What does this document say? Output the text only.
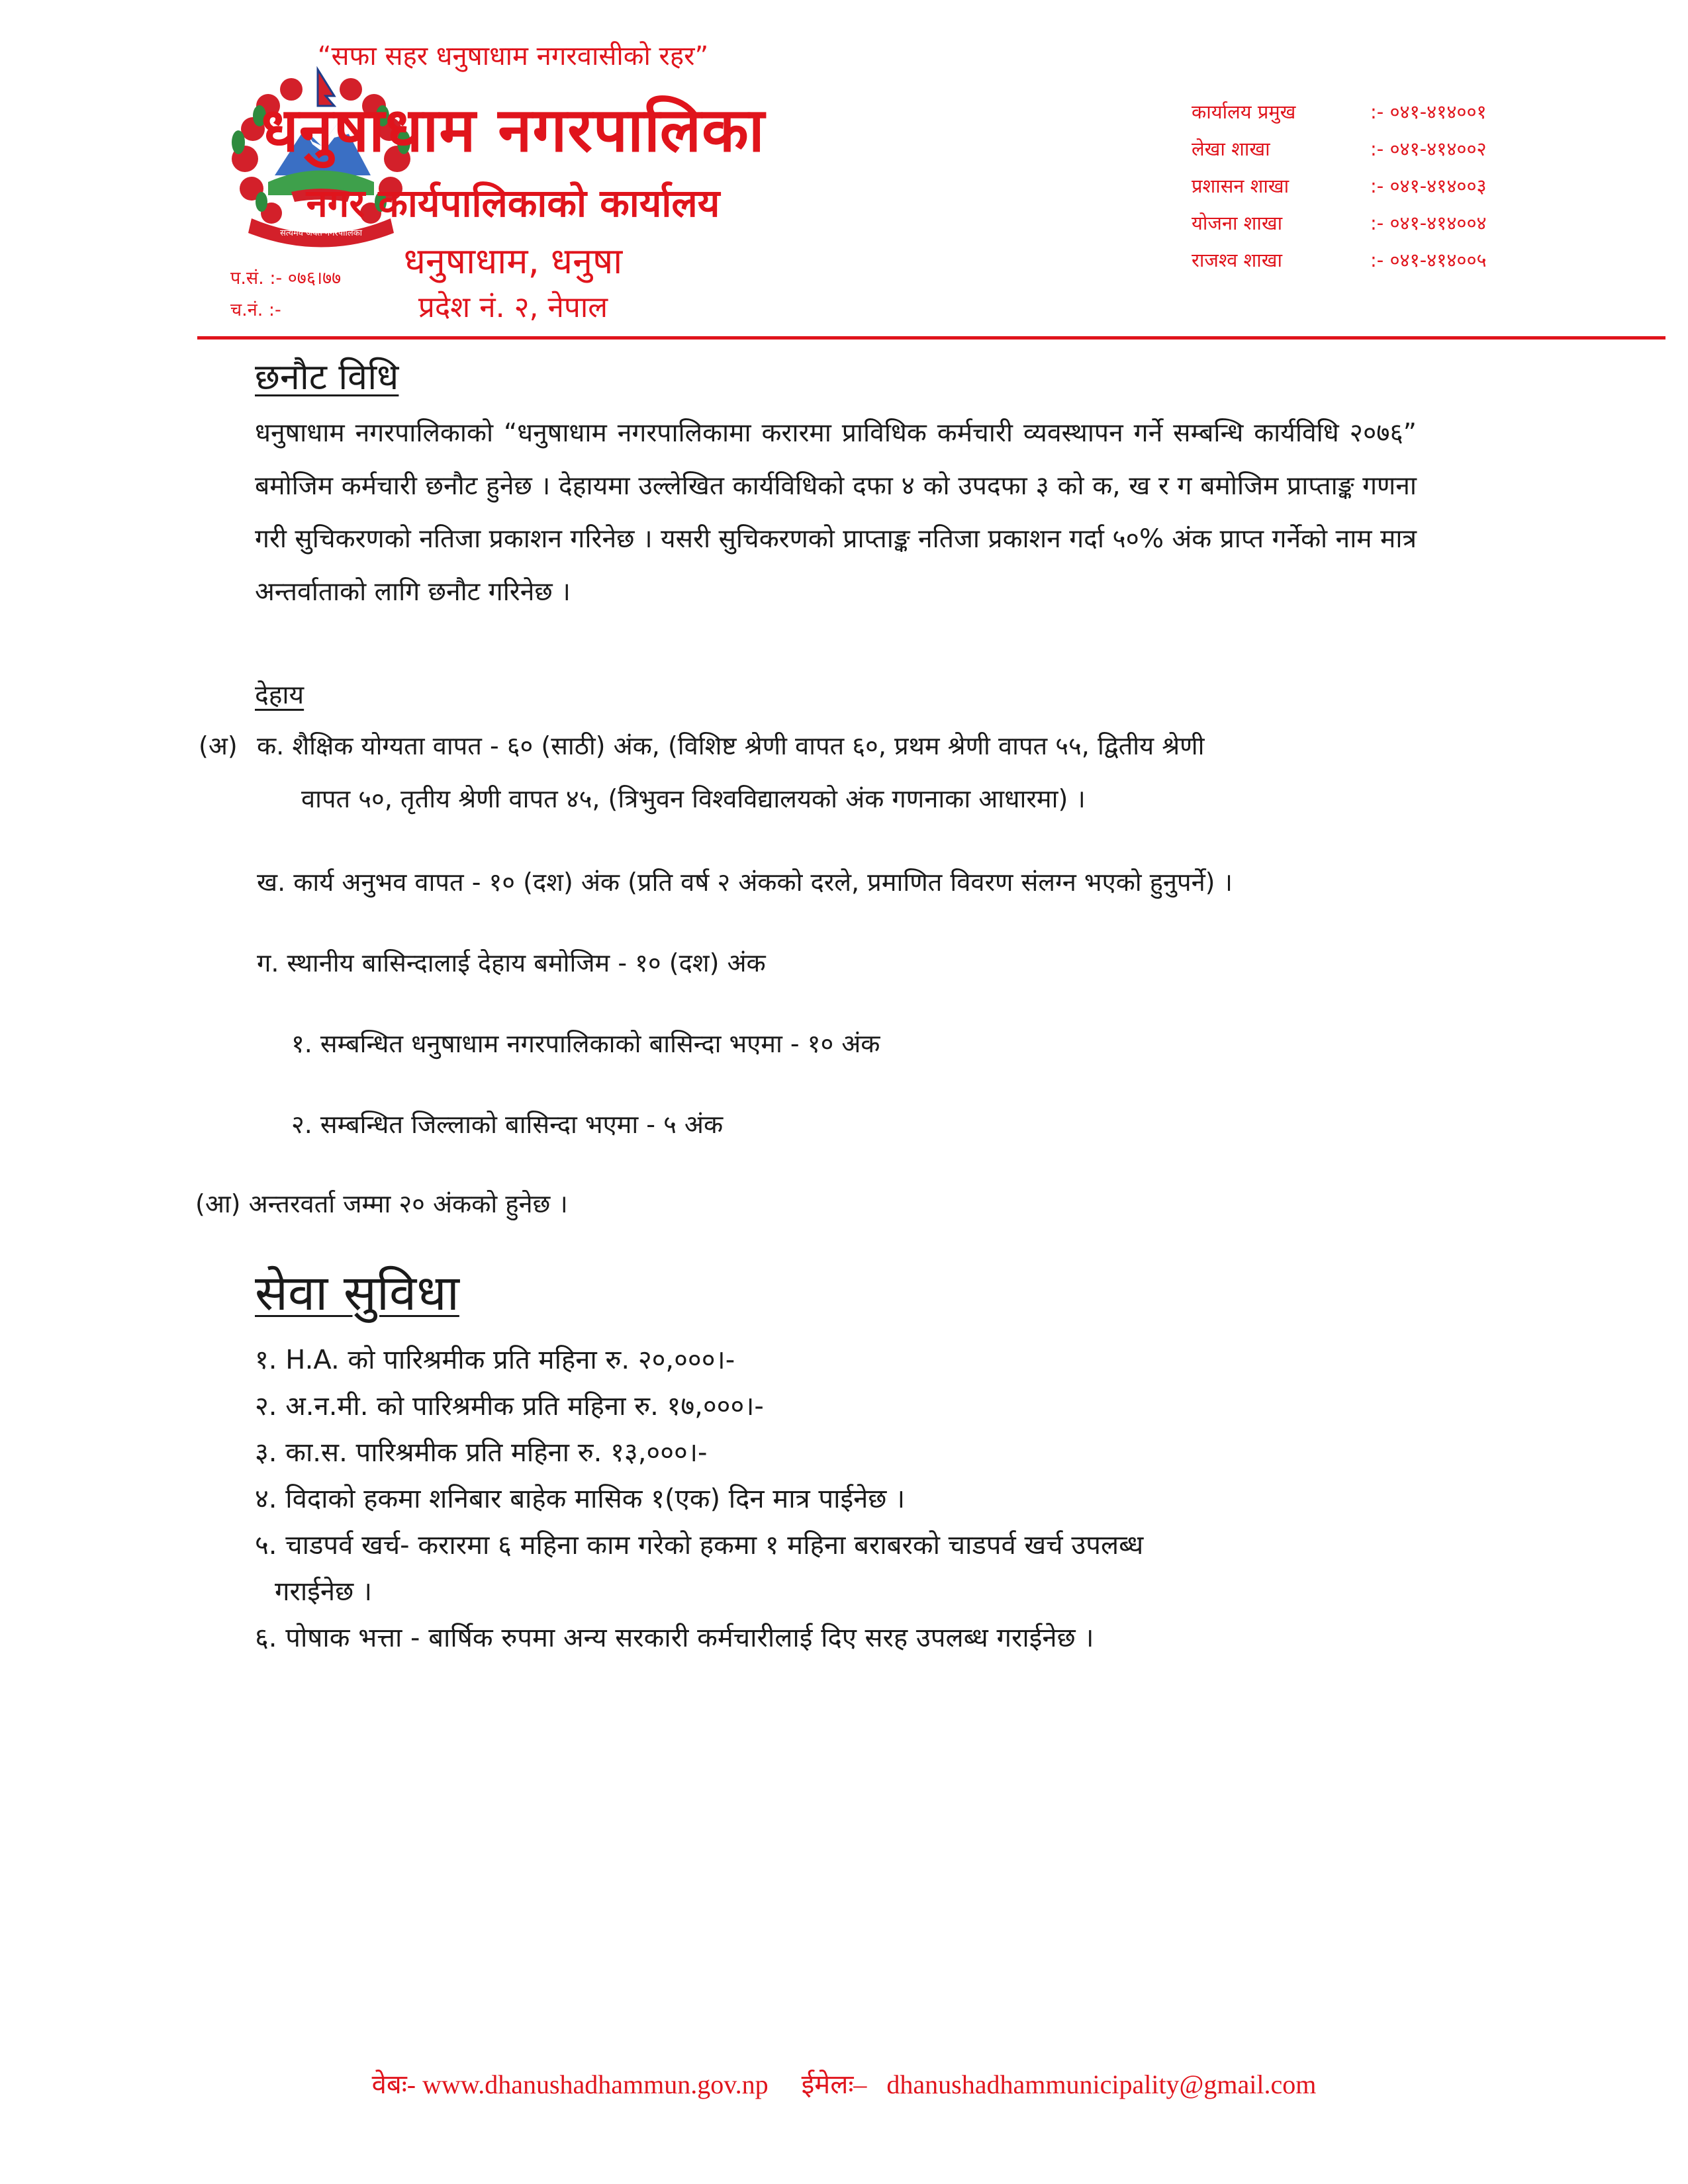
सत्यमेव जयते नगरपालिका
“सफा सहर धनुषाधाम नगरवासीको रहर”
धनुषाधाम नगरपालिका
नगर कार्यपालिकाको कार्यालय
धनुषाधाम, धनुषा
प्रदेश नं. २, नेपाल
प.सं. :- ०७६।७७
च.नं. :-
कार्यालय प्रमुख	:- ०४१-४१४००१
लेखा शाखा	:- ०४१-४१४००२
प्रशासन शाखा	:- ०४१-४१४००३
योजना शाखा	:- ०४१-४१४००४
राजश्व शाखा	:- ०४१-४१४००५
छनौट विधि
धनुषाधाम नगरपालिकाको “धनुषाधाम नगरपालिकामा करारमा प्राविधिक कर्मचारी व्यवस्थापन गर्ने सम्बन्धि कार्यविधि २०७६” बमोजिम कर्मचारी छनौट हुनेछ । देहायमा उल्लेखित कार्यविधिको दफा ४ को उपदफा ३ को क, ख र ग बमोजिम प्राप्ताङ्क गणना गरी सुचिकरणको नतिजा प्रकाशन गरिनेछ । यसरी सुचिकरणको प्राप्ताङ्क नतिजा प्रकाशन गर्दा ५०% अंक प्राप्त गर्नेको नाम मात्र अन्तर्वाताको लागि छनौट गरिनेछ ।
देहाय
(अ) क. शैक्षिक योग्यता वापत - ६० (साठी) अंक, (विशिष्ट श्रेणी वापत ६०, प्रथम श्रेणी वापत ५५, द्वितीय श्रेणी
वापत ५०, तृतीय श्रेणी वापत ४५, (त्रिभुवन विश्वविद्यालयको अंक गणनाका आधारमा) ।
ख. कार्य अनुभव वापत - १० (दश) अंक (प्रति वर्ष २ अंकको दरले, प्रमाणित विवरण संलग्न भएको हुनुपर्ने) ।
ग. स्थानीय बासिन्दालाई देहाय बमोजिम - १० (दश) अंक
१. सम्बन्धित धनुषाधाम नगरपालिकाको बासिन्दा भएमा - १० अंक
२. सम्बन्धित जिल्लाको बासिन्दा भएमा - ५ अंक
(आ) अन्तरवर्ता जम्मा २० अंकको हुनेछ ।
सेवा सुविधा
१. H.A. को पारिश्रमीक प्रति महिना रु. २०,०००।-
२. अ.न.मी. को पारिश्रमीक प्रति महिना रु. १७,०००।-
३. का.स. पारिश्रमीक प्रति महिना रु. १३,०००।-
४. विदाको हकमा शनिबार बाहेक मासिक १(एक) दिन मात्र पाईनेछ ।
५. चाडपर्व खर्च- करारमा ६ महिना काम गरेको हकमा १ महिना बराबरको चाडपर्व खर्च उपलब्ध
गराईनेछ ।
६. पोषाक भत्ता - बार्षिक रुपमा अन्य सरकारी कर्मचारीलाई दिए सरह उपलब्ध गराईनेछ ।
वेबः- www.dhanushadhammun.gov.np ईमेलः– dhanushadhammunicipality@gmail.com
